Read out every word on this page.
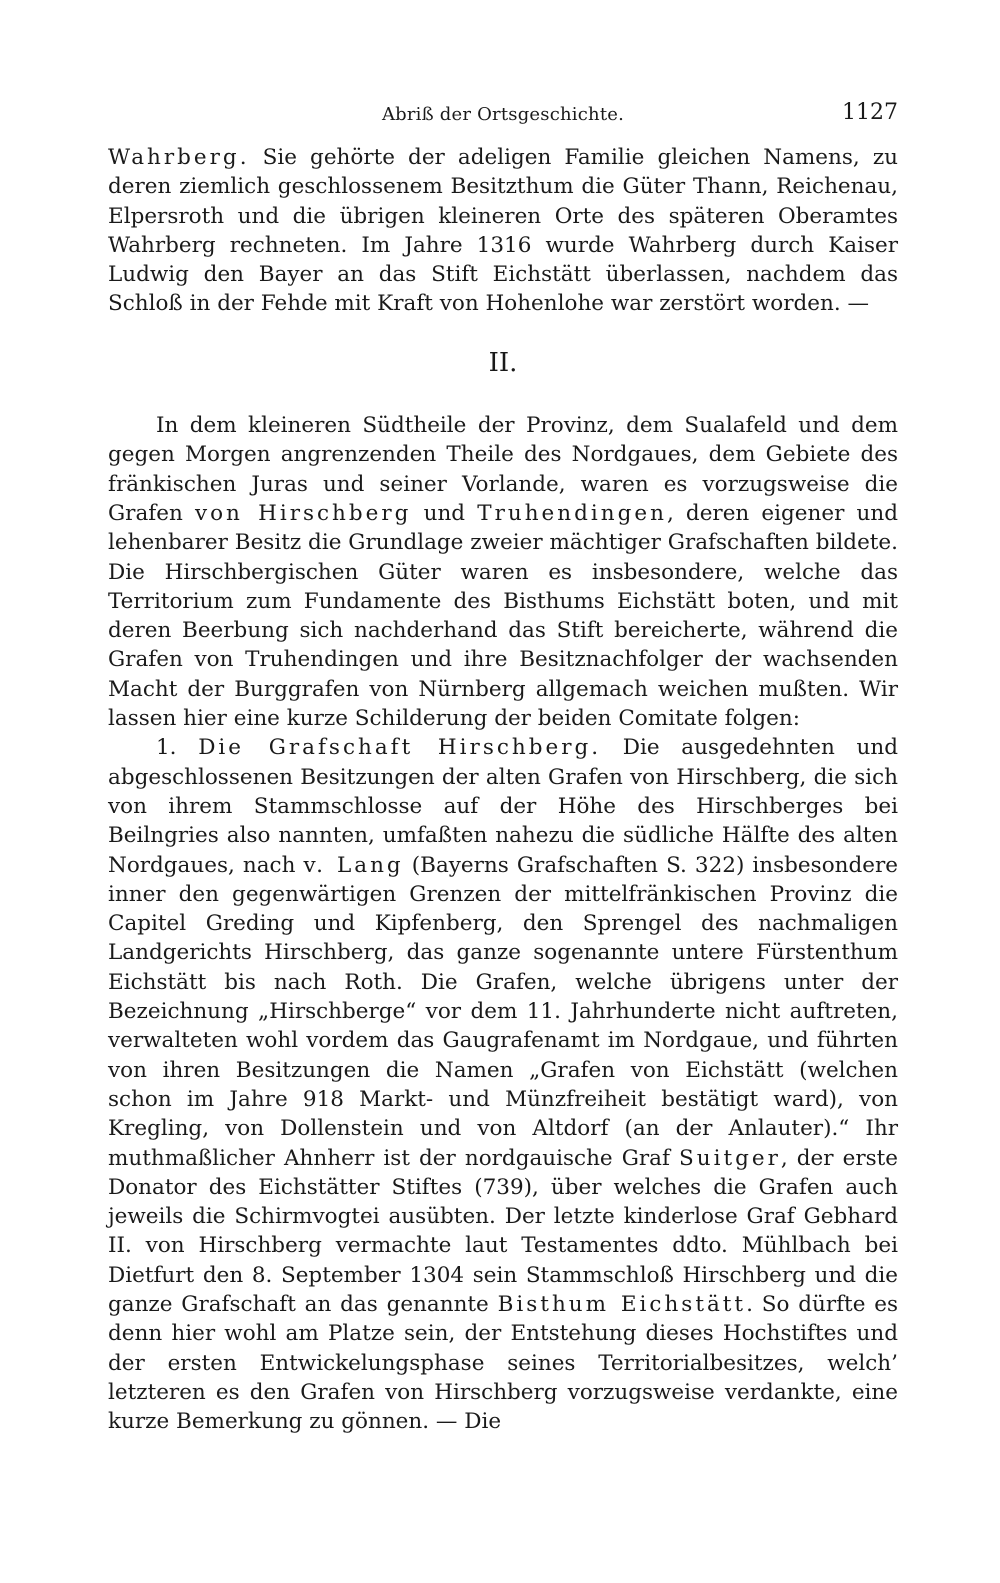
Abriß der Ortsgeschichte.	1127

Wahrberg. Sie gehörte der adeligen Familie gleichen Namens, zu deren ziemlich geschlossenem Besitzthum die Güter Thann, Reichenau, Elpersroth und die übrigen kleineren Orte des späteren Oberamtes Wahrberg rechneten. Im Jahre 1316 wurde Wahrberg durch Kaiser Ludwig den Bayer an das Stift Eichstätt überlassen, nachdem das Schloß in der Fehde mit Kraft von Hohenlohe war zerstört worden. —

II.

In dem kleineren Südtheile der Provinz, dem Sualafeld und dem gegen Morgen angrenzenden Theile des Nordgaues, dem Gebiete des fränkischen Juras und seiner Vorlande, waren es vorzugsweise die Grafen von Hirschberg und Truhendingen, deren eigener und lehenbarer Besitz die Grundlage zweier mächtiger Grafschaften bildete. Die Hirschbergischen Güter waren es insbesondere, welche das Territorium zum Fundamente des Bisthums Eichstätt boten, und mit deren Beerbung sich nachderhand das Stift bereicherte, während die Grafen von Truhendingen und ihre Besitznachfolger der wachsenden Macht der Burggrafen von Nürnberg allgemach weichen mußten. Wir lassen hier eine kurze Schilderung der beiden Comitate folgen:

1. Die Grafschaft Hirschberg. Die ausgedehnten und abgeschlossenen Besitzungen der alten Grafen von Hirschberg, die sich von ihrem Stammschlosse auf der Höhe des Hirschberges bei Beilngries also nannten, umfaßten nahezu die südliche Hälfte des alten Nordgaues, nach v. Lang (Bayerns Grafschaften S. 322) insbesondere inner den gegenwärtigen Grenzen der mittelfränkischen Provinz die Capitel Greding und Kipfenberg, den Sprengel des nachmaligen Landgerichts Hirschberg, das ganze sogenannte untere Fürstenthum Eichstätt bis nach Roth. Die Grafen, welche übrigens unter der Bezeichnung „Hirschberge“ vor dem 11. Jahrhunderte nicht auftreten, verwalteten wohl vordem das Gaugrafenamt im Nordgaue, und führten von ihren Besitzungen die Namen „Grafen von Eichstätt (welchen schon im Jahre 918 Markt- und Münzfreiheit bestätigt ward), von Kregling, von Dollenstein und von Altdorf (an der Anlauter).“ Ihr muthmaßlicher Ahnherr ist der nordgauische Graf Suitger, der erste Donator des Eichstätter Stiftes (739), über welches die Grafen auch jeweils die Schirmvogtei ausübten. Der letzte kinderlose Graf Gebhard II. von Hirschberg vermachte laut Testamentes ddto. Mühlbach bei Dietfurt den 8. September 1304 sein Stammschloß Hirschberg und die ganze Grafschaft an das genannte Bisthum Eichstätt. So dürfte es denn hier wohl am Platze sein, der Entstehung dieses Hochstiftes und der ersten Entwickelungsphase seines Territorialbesitzes, welch’ letzteren es den Grafen von Hirschberg vorzugsweise verdankte, eine kurze Bemerkung zu gönnen. — Die
